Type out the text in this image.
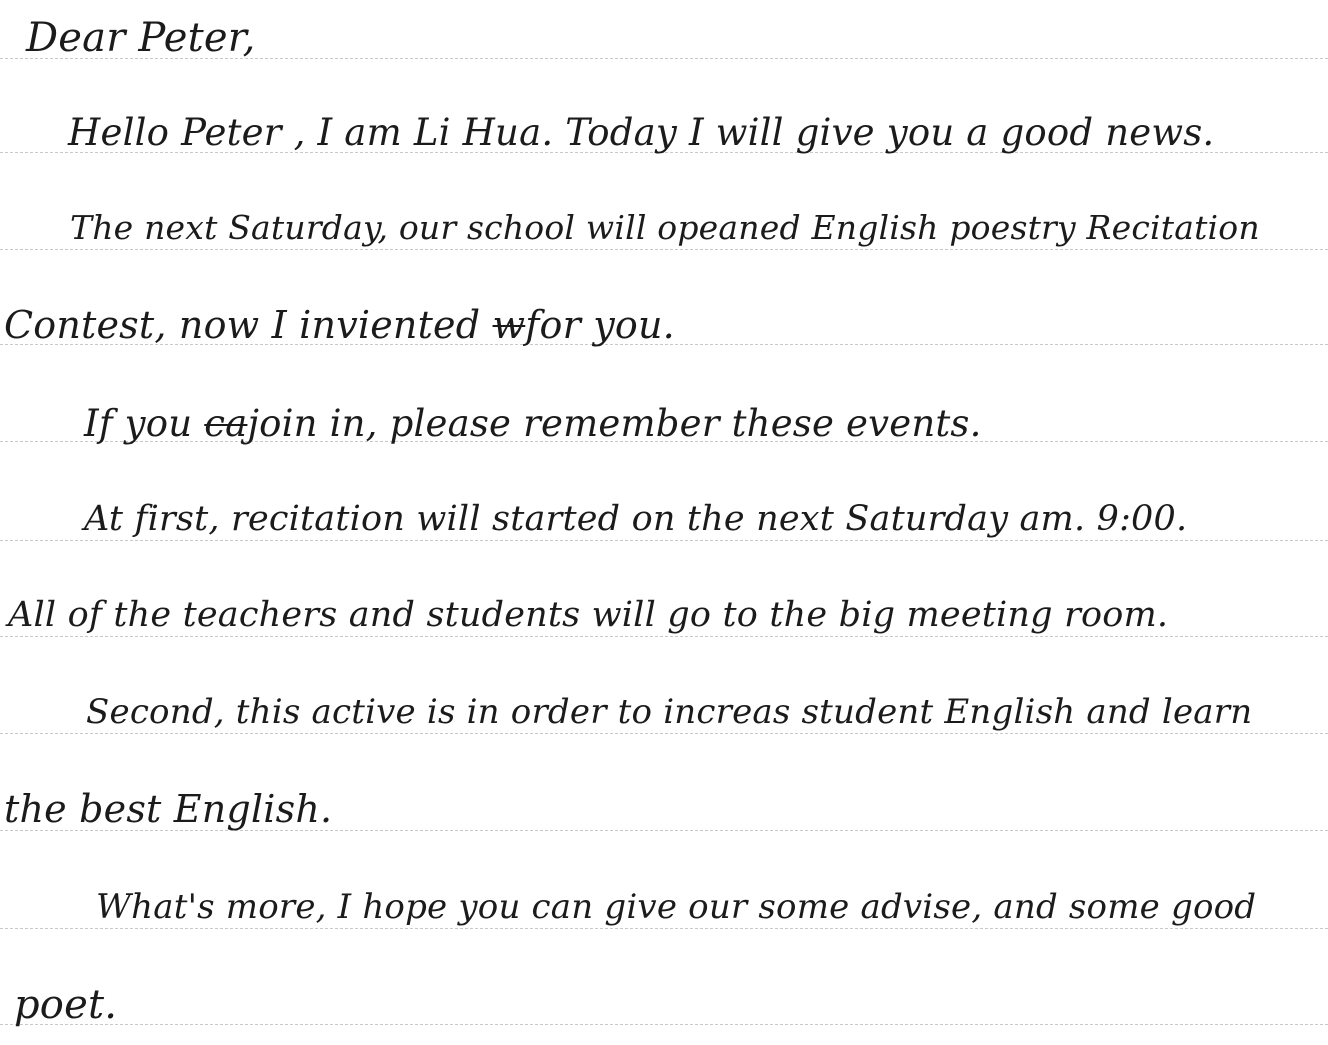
Dear Peter,
Hello Peter , I am Li Hua. Today I will give you a good news.
The next Saturday, our school will opeaned English poestry Recitation
Contest, now I inviented wfor you.
If you cajoin in, please remember these events.
At first, recitation will started on the next Saturday am. 9:00.
All of the teachers and students will go to the big meeting room.
Second, this active is in order to increas student English and learn
the best English.
What's more, I hope you can give our some advise, and some good
poet.
